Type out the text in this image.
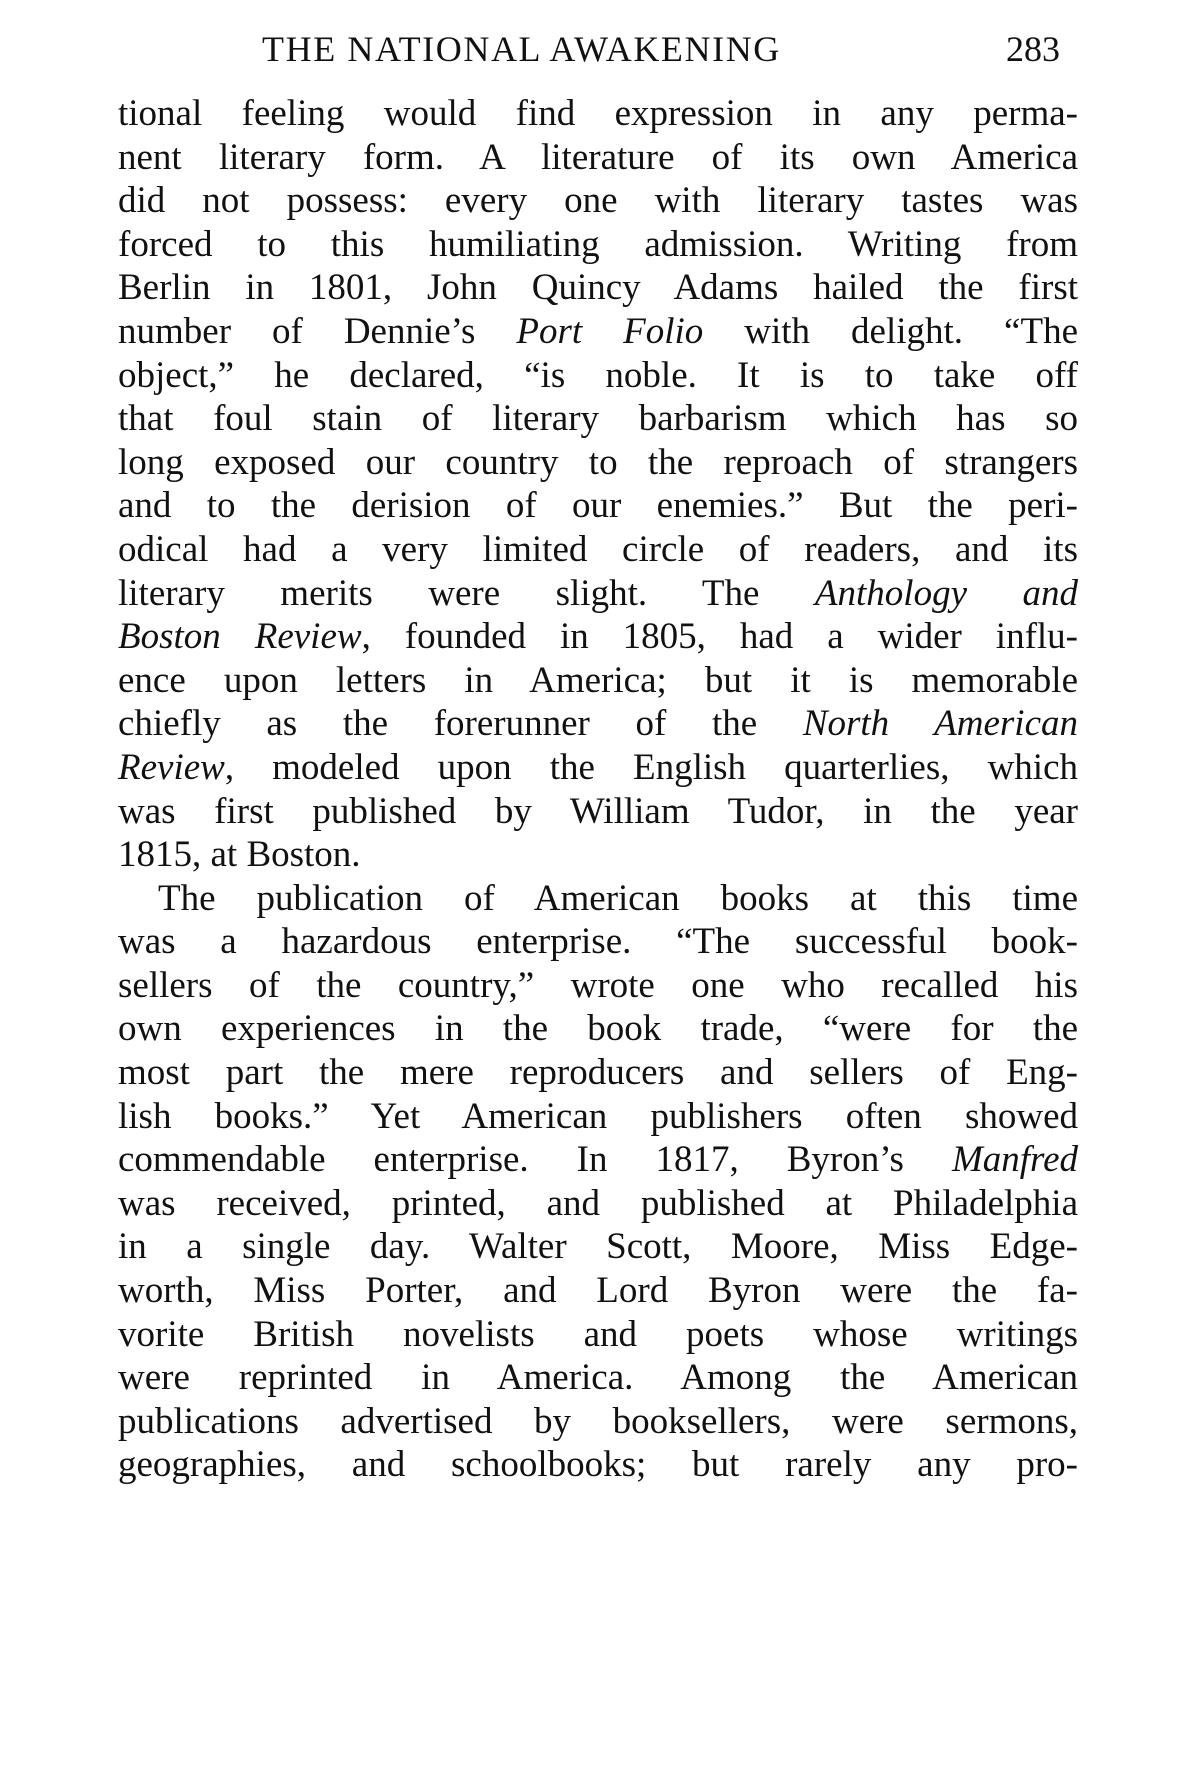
THE NATIONAL AWAKENING	283
tional feeling would find expression in any perma-
nent literary form. A literature of its own America
did not possess: every one with literary tastes was
forced to this humiliating admission. Writing from
Berlin in 1801, John Quincy Adams hailed the first
number of Dennie’s Port Folio with delight. “The
object,” he declared, “is noble. It is to take off
that foul stain of literary barbarism which has so
long exposed our country to the reproach of strangers
and to the derision of our enemies.” But the peri-
odical had a very limited circle of readers, and its
literary merits were slight. The Anthology and
Boston Review, founded in 1805, had a wider influ-
ence upon letters in America; but it is memorable
chiefly as the forerunner of the North American
Review, modeled upon the English quarterlies, which
was first published by William Tudor, in the year
1815, at Boston.
The publication of American books at this time
was a hazardous enterprise. “The successful book-
sellers of the country,” wrote one who recalled his
own experiences in the book trade, “were for the
most part the mere reproducers and sellers of Eng-
lish books.” Yet American publishers often showed
commendable enterprise. In 1817, Byron’s Manfred
was received, printed, and published at Philadelphia
in a single day. Walter Scott, Moore, Miss Edge-
worth, Miss Porter, and Lord Byron were the fa-
vorite British novelists and poets whose writings
were reprinted in America. Among the American
publications advertised by booksellers, were sermons,
geographies, and schoolbooks; but rarely any pro-
